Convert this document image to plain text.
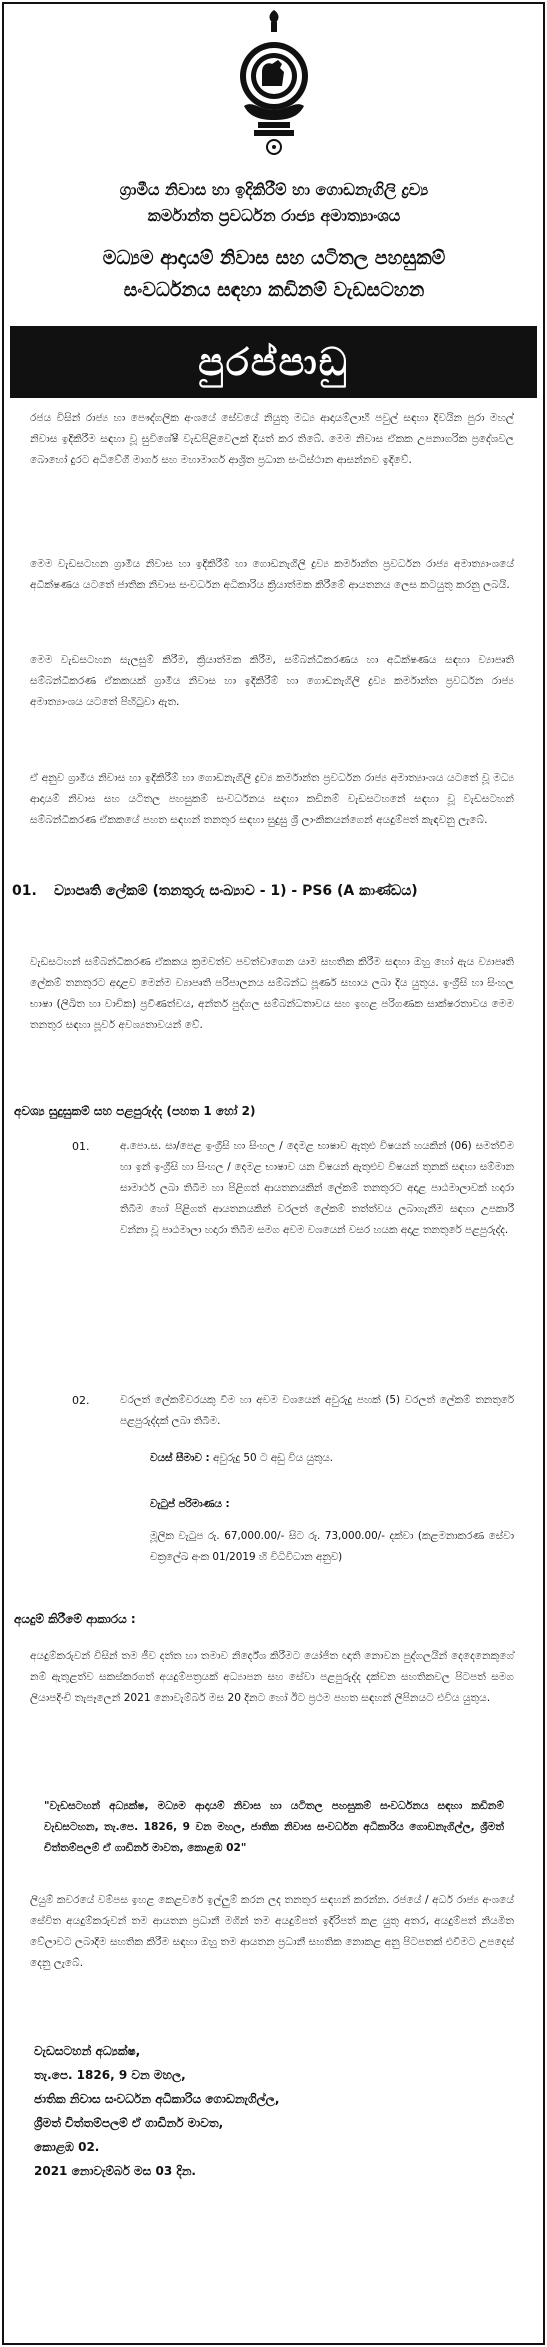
ග්‍රාමීය නිවාස හා ඉදිකිරීම් හා ගොඩනැගිලි ද්‍රව්‍ය
කර්මාන්ත ප්‍රවර්ධන රාජ්‍ය අමාත්‍යාංශය
මධ්‍යම ආදායම් නිවාස සහ යටිතල පහසුකම්
සංවර්ධනය සඳහා කඩිනම් වැඩසටහන
පුරප්පාඩු
රජය විසින් රාජ්‍ය හා පෞද්ගලික අංශයේ සේවයේ නියුතු මධ්‍ය ආදායම්ලාභී පවුල් සඳහා දිවයින පුරා මහල් නිවාස ඉදිකිරීම සඳහා වූ සුවිශේෂී වැඩපිළිවෙලක් දියත් කර තිබේ. මෙම නිවාස ඒකක උපනාගරික ප්‍රදේශවල බොහෝ දුරට අධිවේගී මාර්ග සහ මහාමාර්ග ආශ්‍රිත ප්‍රධාන සංධිස්ථාන ආසන්නව ඉදිවේ.
මෙම වැඩසටහන ග්‍රාමීය නිවාස හා ඉදිකිරීම් හා ගොඩනැගිලි ද්‍රව්‍ය කර්මාන්ත ප්‍රවර්ධන රාජ්‍ය අමාත්‍යාංශයේ අධීක්ෂණය යටතේ ජාතික නිවාස සංවර්ධන අධිකාරිය ක්‍රියාත්මක කිරීමේ ආයතනය ලෙස කටයුතු කරනු ලබයි.
මෙම වැඩසටහන සැලසුම් කිරීම, ක්‍රියාත්මක කිරීම, සම්බන්ධීකරණය හා අධීක්ෂණය සඳහා ව්‍යාපෘති සම්බන්ධීකරණ ඒකකයක් ග්‍රාමීය නිවාස හා ඉදිකිරීම් හා ගොඩනැගිලි ද්‍රව්‍ය කර්මාන්ත ප්‍රවර්ධන රාජ්‍ය අමාත්‍යාංශය යටතේ පිහිටුවා ඇත.
ඒ අනුව ග්‍රාමීය නිවාස හා ඉදිකිරීම් හා ගොඩනැගිලි ද්‍රව්‍ය කර්මාන්ත ප්‍රවර්ධන රාජ්‍ය අමාත්‍යාංශය යටතේ වූ මධ්‍ය ආදායම් නිවාස සහ යටිතල පහසුකම් සංවර්ධනය සඳහා කඩිනම් වැඩසටහනේ සඳහා වූ වැඩසටහන් සම්බන්ධීකරණ ඒකකයේ පහත සඳහන් තනතුර සඳහා සුදුසු ශ්‍රී ලාංකිකයන්ගෙන් අයදුම්පත් කැඳවනු ලැබේ.
01. ව්‍යාපෘති ලේකම් (තනතුරු සංඛ්‍යාව - 1) - PS6 (A කාණ්ඩය)
වැඩසටහන් සම්බන්ධීකරණ ඒකකය ක්‍රමවත්ව පවත්වාගෙන යාම සහතික කිරීම සඳහා ඔහු හෝ ඇය ව්‍යාපෘති ලේකම් තනතුරට අදාළව මෙන්ම ව්‍යාපෘති පරිපාලනය සම්බන්ධ පූර්ණ සහාය ලබා දිය යුතුය. ඉංග්‍රීසි හා සිංහල භාෂා (ලිඛිත හා වාචික) ප්‍රවීණත්වය, අන්තර් පුද්ගල සම්බන්ධතාවය සහ ඉහළ පරිගණක සාක්ෂරතාවය මෙම තනතුර සඳහා පූර්ව අවශ්‍යතාවයන් වේ.
අවශ්‍ය සුදුසුකම් සහ පළපුරුද්ද (පහත 1 හෝ 2)
01.	අ.පො.ස. සා/පෙළ ඉංග්‍රීසි හා සිංහල / දෙමළ භාෂාව ඇතුළු විෂයන් හයකින් (06) සමත්වීම හා ඉන් ඉංග්‍රීසි හා සිංහල / දෙමළ භාෂාව යන විෂයන් ඇතුළුව විෂයන් තුනක් සඳහා සම්මාන සාමාර්ථ ලබා තිබීම හා පිළිගත් ආයතනයකින් ලේකම් තනතුරට අදාළ පාඨමාලාවක් හදාරා තිබීම හෝ පිළිගත් ආයතනයකින් වරලත් ලේකම් තත්ත්වය ලබාගැනීම සඳහා උපකාරී වන්නා වූ පාඨමාලා හදාරා තිබීම සමග අවම වශයෙන් වසර හයක අදාළ තනතුරේ පළපුරුද්ද.
02.	වරලත් ලේකම්වරයකු වීම හා අවම වශයෙන් අවුරුදු පහක් (5) වරලත් ලේකම් තනතුරේ පළපුරුද්දක් ලබා තිබීම.
වයස් සීමාව : අවුරුදු 50 ට අඩු විය යුතුය.
වැටුප් පරිමාණය :
මූලික වැටුප රු. 67,000.00/- සිට රු. 73,000.00/- දක්වා (කළමනාකරණ සේවා චක්‍රලේඛ අංක 01/2019 හි විධිවිධාන අනුව)
අයදුම් කිරීමේ ආකාරය :
අයදුම්කරුවන් විසින් තම ජීව දත්ත හා තමාව නිර්දේශ කිරීමට යෝජිත ඥාති නොවන පුද්ගලයින් දෙදෙනෙකුගේ නම් ඇතුළත්ව සකස්කරගත් අයදුම්පත්‍රයක් අධ්‍යාපන සහ සේවා පළපුරුද්ද දක්වන සහතිකවල පිටපත් සමග ලියාපදිංචි තැපෑලෙන් 2021 නොවැම්බර් මස 20 දිනට හෝ ඊට ප්‍රථම පහත සඳහන් ලිපිනයට එවිය යුතුය.
"වැඩසටහන් අධ්‍යක්ෂ, මධ්‍යම ආදායම් නිවාස හා යටිතල පහසුකම් සංවර්ධනය සඳහා කඩිනම් වැඩසටහන, තැ.පෙ. 1826, 9 වන මහල, ජාතික නිවාස සංවර්ධන අධිකාරිය ගොඩනැගිල්ල, ශ්‍රීමත් චිත්තම්පලම් ඒ ගාඩිනර් මාවත, කොළඹ 02"
ලියුම් කවරයේ වම්පස ඉහළ කෙළවරේ ඉල්ලුම් කරන ලද තනතුර සඳහන් කරන්න. රජයේ / අර්ධ රාජ්‍ය අංශයේ සේවිත අයදුම්කරුවන් තම ආයතන ප්‍රධානී මගින් තම අයදුම්පත් ඉදිරිපත් කළ යුතු අතර, අයදුම්පත් නියමිත වේලාවට ලබාදීම සහතික කිරීම සඳහා ඔහු තම ආයතන ප්‍රධානී සහතික නොකළ අනු පිටපතක් එවීමට උපදෙස් දෙනු ලැබේ.
වැඩසටහන් අධ්‍යක්ෂ,
තැ.පෙ. 1826, 9 වන මහල,
ජාතික නිවාස සංවර්ධන අධිකාරිය ගොඩනැගිල්ල,
ශ්‍රීමත් චිත්තම්පලම් ඒ ගාඩිනර් මාවත,
කොළඹ 02.
2021 නොවැම්බර් මස 03 දින.
